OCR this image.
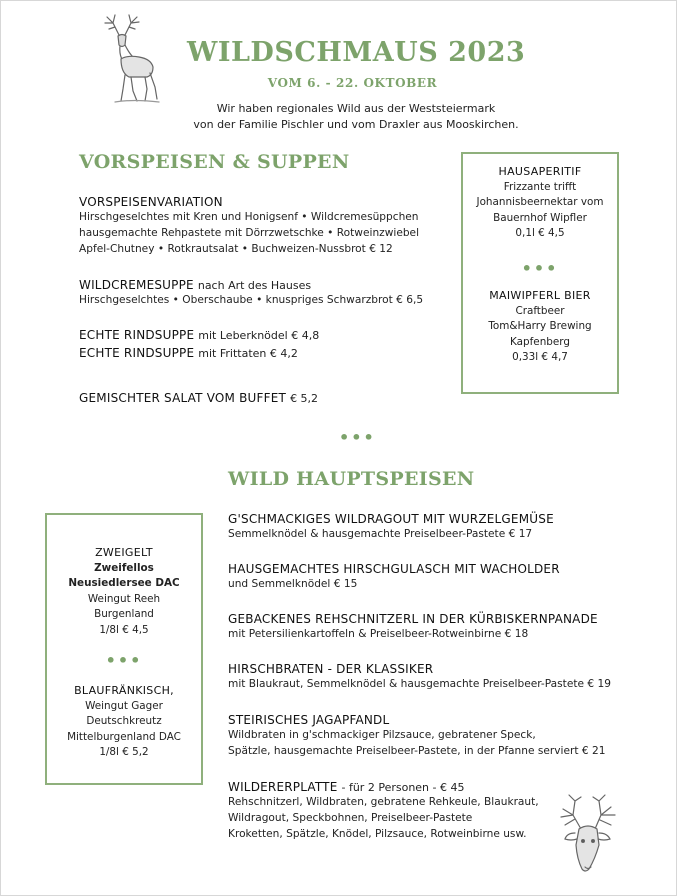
WILDSCHMAUS 2023
VOM 6. - 22. OKTOBER
Wir haben regionales Wild aus der Weststeiermark
von der Familie Pischler und vom Draxler aus Mooskirchen.
VORSPEISEN & SUPPEN
VORSPEISENVARIATION
Hirschgeselchtes mit Kren und Honigsenf • Wildcremesüppchen
hausgemachte Rehpastete mit Dörrzwetschke • Rotweinzwiebel
Apfel-Chutney • Rotkrautsalat • Buchweizen-Nussbrot € 12
WILDCREMESUPPE nach Art des Hauses
Hirschgeselchtes • Oberschaube • knuspriges Schwarzbrot € 6,5
ECHTE RINDSUPPE mit Leberknödel € 4,8
ECHTE RINDSUPPE mit Frittaten € 4,2
GEMISCHTER SALAT VOM BUFFET € 5,2
HAUSAPERITIF
Frizzante trifft
Johannisbeernektar vom
Bauernhof Wipfler
0,1l € 4,5
•••
MAIWIPFERL BIER
Craftbeer
Tom&Harry Brewing
Kapfenberg
0,33l € 4,7
•••
WILD HAUPTSPEISEN
G'SCHMACKIGES WILDRAGOUT MIT WURZELGEMÜSE
Semmelknödel & hausgemachte Preiselbeer-Pastete € 17
HAUSGEMACHTES HIRSCHGULASCH MIT WACHOLDER
und Semmelknödel € 15
GEBACKENES REHSCHNITZERL IN DER KÜRBISKERNPANADE
mit Petersilienkartoffeln & Preiselbeer-Rotweinbirne € 18
HIRSCHBRATEN - DER KLASSIKER
mit Blaukraut, Semmelknödel & hausgemachte Preiselbeer-Pastete € 19
STEIRISCHES JAGAPFANDL
Wildbraten in g'schmackiger Pilzsauce, gebratener Speck,
Spätzle, hausgemachte Preiselbeer-Pastete, in der Pfanne serviert € 21
WILDERERPLATTE - für 2 Personen - € 45
Rehschnitzerl, Wildbraten, gebratene Rehkeule, Blaukraut,
Wildragout, Speckbohnen, Preiselbeer-Pastete
Kroketten, Spätzle, Knödel, Pilzsauce, Rotweinbirne usw.
ZWEIGELT
Zweifellos
Neusiedlersee DAC
Weingut Reeh
Burgenland
1/8l € 4,5
•••
BLAUFRÄNKISCH,
Weingut Gager
Deutschkreutz
Mittelburgenland DAC
1/8l € 5,2
